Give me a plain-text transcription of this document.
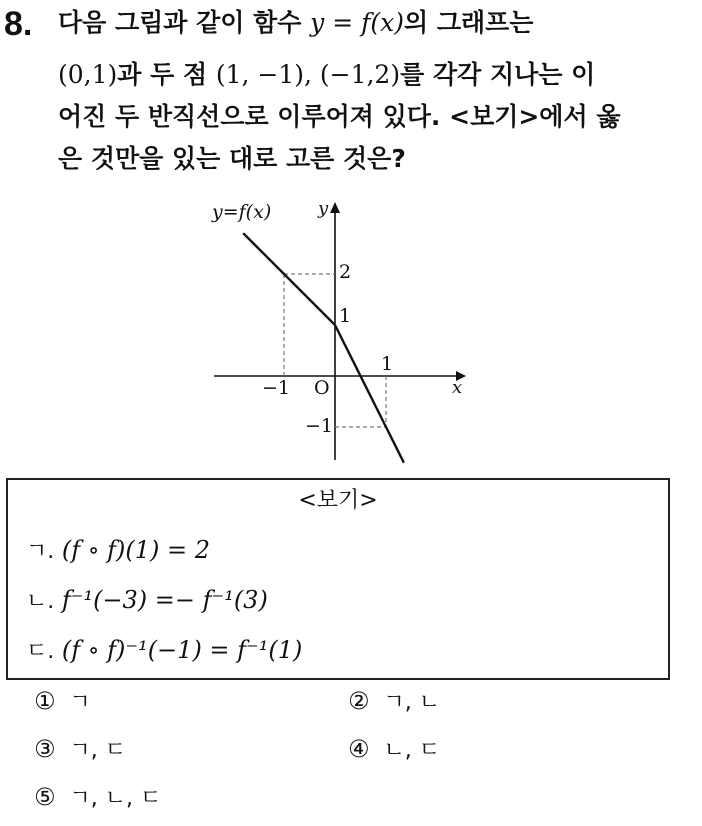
8. 다음 그림과 같이 함수 y = f(x)의 그래프는
(0,1)과 두 점 (1, −1), (−1,2)를 각각 지나는 이
어진 두 반직선으로 이루어져 있다. <보기>에서 옳
은 것만을 있는 대로 고른 것은?
y=f(x)	y
x
O
2
1
−1
1
−1
<보기>
ㄱ. (f ∘ f)(1) = 2
ㄴ. f⁻¹(−3) =− f⁻¹(3)
ㄷ. (f ∘ f)⁻¹(−1) = f⁻¹(1)
① ㄱ	② ㄱ, ㄴ
③ ㄱ, ㄷ	④ ㄴ, ㄷ
⑤ ㄱ, ㄴ, ㄷ
